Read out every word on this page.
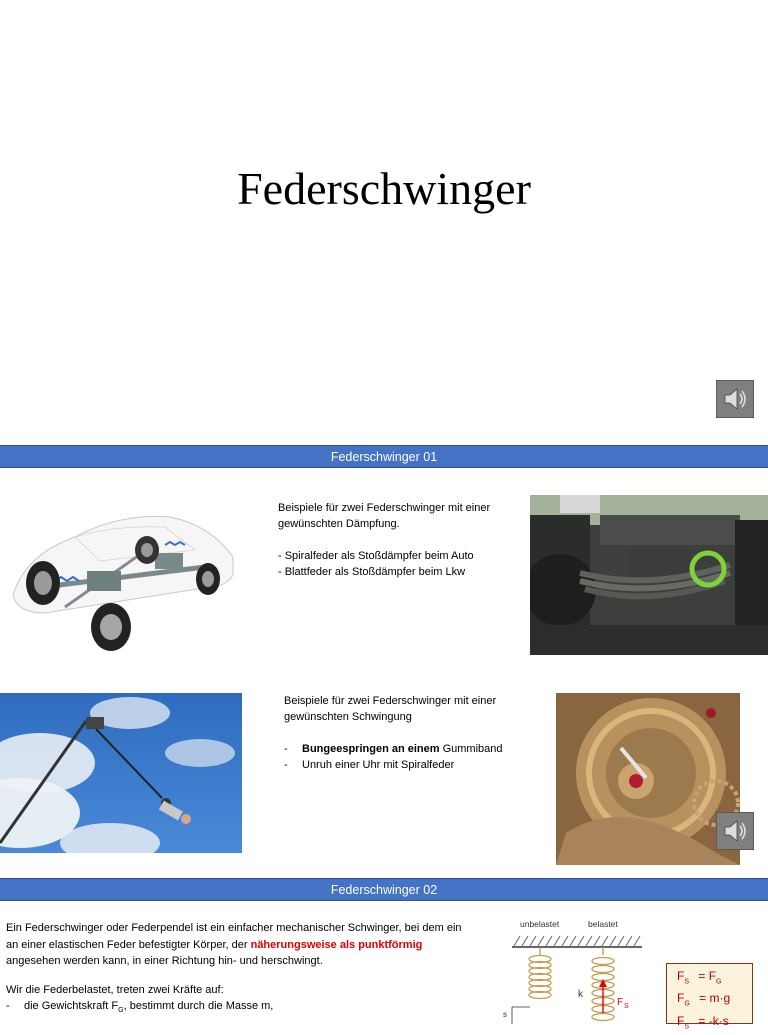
Federschwinger
Federschwinger 01

Beispiele für zwei Federschwinger mit einer gewünschten Dämpfung.

- Spiralfeder als Stoßdämpfer beim Auto

- Blattfeder als Stoßdämpfer beim Lkw

Beispiele für zwei Federschwinger mit einer gewünschten Schwingung

-	Bungeespringen an einem Gummiband
-	Unruh einer Uhr mit Spiralfeder
Federschwinger 02

Ein Federschwinger oder Federpendel ist ein einfacher mechanischer Schwinger, bei dem ein an einer elastischen Feder befestigter Körper, der näherungsweise als punktförmig angesehen werden kann, in einer Richtung hin- und herschwingt.

Wir die Federbelastet, treten zwei Kräfte auf:

-	die Gewichtskraft $F_G$, bestimmt durch die Masse m,
unbelastet	belastet
k
F S
s
$F_S = F_G$
$F_G = m\cdot g$
$F_S = -k\cdot s$
